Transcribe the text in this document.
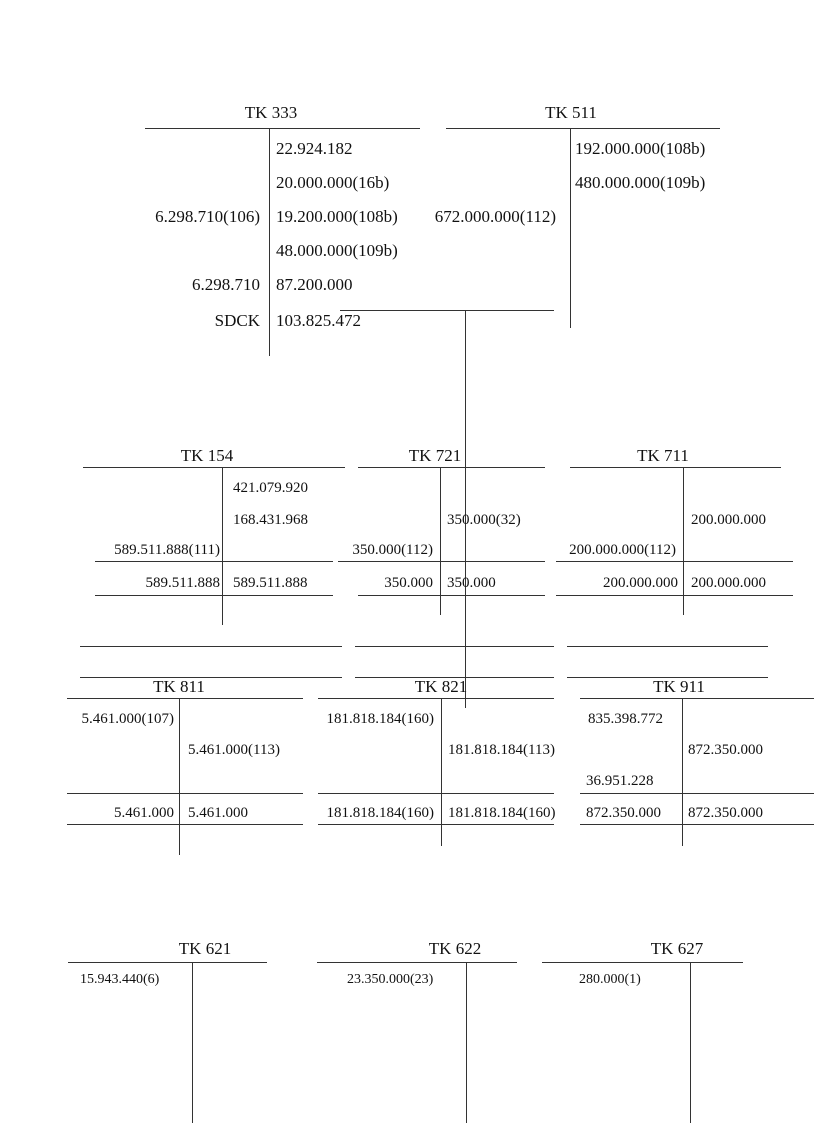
TK 333
22.924.182
20.000.000(16b)
19.200.000(108b)
48.000.000(109b)
87.200.000
103.825.472
6.298.710(106)
6.298.710
SDCK
TK 511
192.000.000(108b)
480.000.000(109b)
672.000.000(112)
TK 154
421.079.920
168.431.968
589.511.888(111)
589.511.888 589.511.888
TK 721
350.000(32)
350.000(112)
350.000 350.000
TK 711
200.000.000
200.000.000(112)
200.000.000 200.000.000
TK 811
5.461.000(107)
5.461.000(113)
5.461.000 5.461.000
TK 821
181.818.184(160)
181.818.184(113)
181.818.184(160) 181.818.184(160)
TK 911
835.398.772
872.350.000
36.951.228
872.350.000 872.350.000
TK 621
15.943.440(6)
TK 622
23.350.000(23)
TK 627
280.000(1)
